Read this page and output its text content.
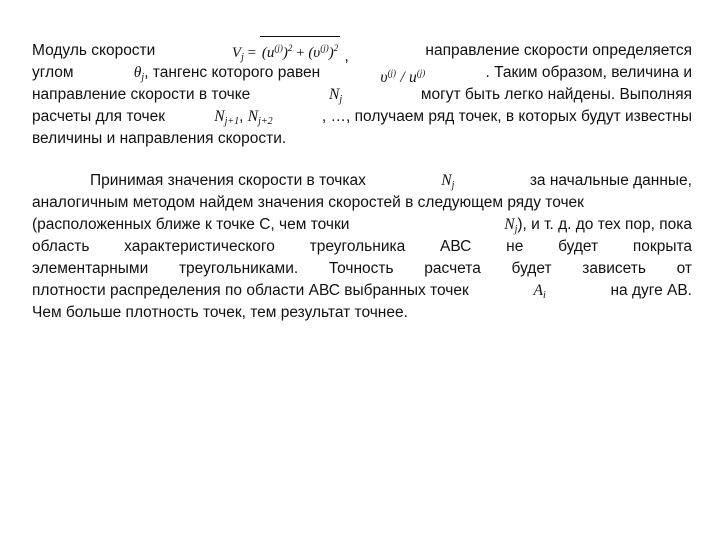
Модуль скорости	$V_j = (u^{(j)})^2 + (\upsilon^{(j)})^2$ ,	направление скорости определяется
углом	$\theta_j$, тангенс которого равен	$\upsilon^{(j)} / u^{(j)}$	. Таким образом, величина и
направление скорости в точке	$N_j$	могут быть легко найдены. Выполняя
расчеты для точек	$N_{j+1}$, $N_{j+2}$	, …, получаем ряд точек, в которых будут известны
величины и направления скорости.
Принимая значения скорости в точках	$N_j$	за начальные данные,
аналогичным методом найдем значения скоростей в следующем ряду точек
(расположенных ближе к точке С, чем точки	$N_j$), и т. д. до тех пор, пока
область характеристического треугольника АВС не будет покрыта
элементарными треугольниками. Точность расчета будет зависеть от
плотности распределения по области АВС выбранных точек	$A_i$	на дуге АВ.
Чем больше плотность точек, тем результат точнее.
